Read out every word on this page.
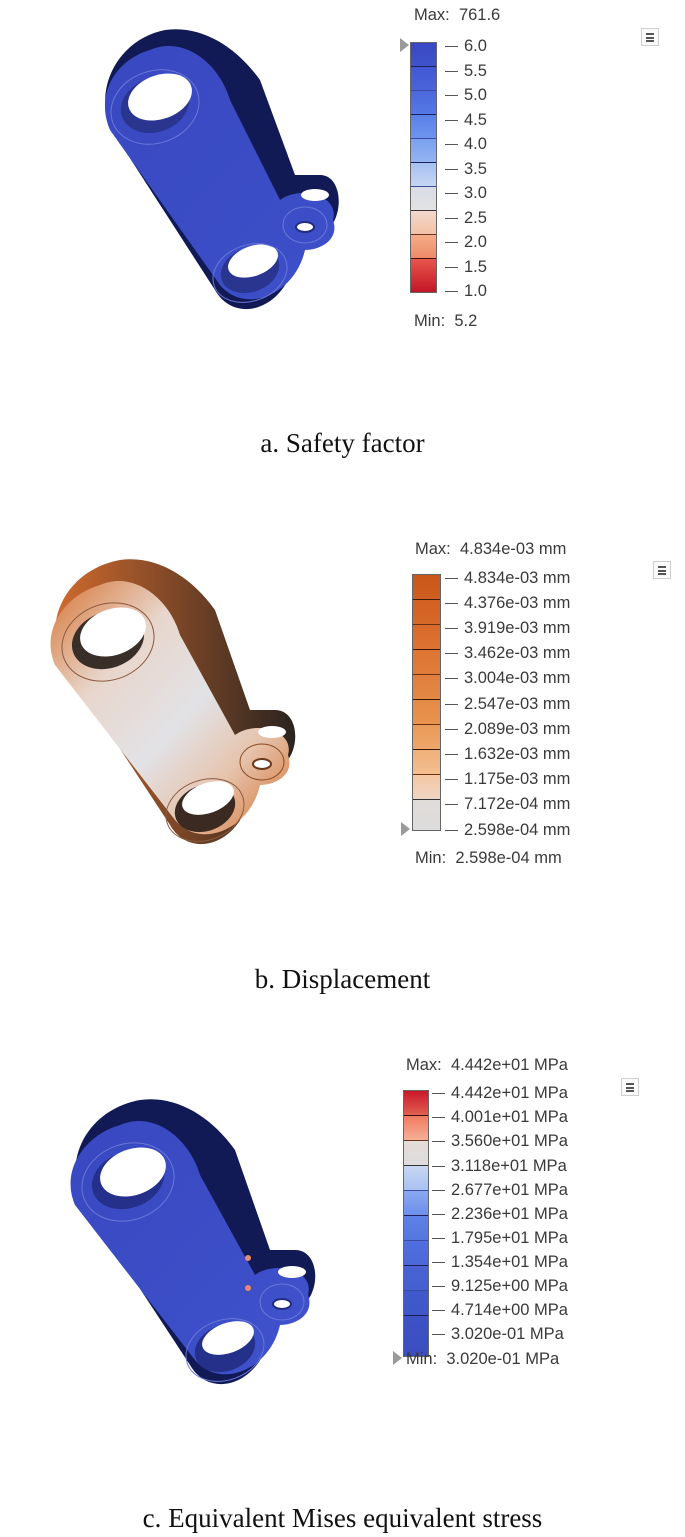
Max: 761.6
6.0
5.5
5.0
4.5
4.0
3.5
3.0
2.5
2.0
1.5
1.0
Min: 5.2
a. Safety factor
Max: 4.834e-03 mm
4.834e-03 mm
4.376e-03 mm
3.919e-03 mm
3.462e-03 mm
3.004e-03 mm
2.547e-03 mm
2.089e-03 mm
1.632e-03 mm
1.175e-03 mm
7.172e-04 mm
2.598e-04 mm
Min: 2.598e-04 mm
b. Displacement
Max: 4.442e+01 MPa
4.442e+01 MPa
4.001e+01 MPa
3.560e+01 MPa
3.118e+01 MPa
2.677e+01 MPa
2.236e+01 MPa
1.795e+01 MPa
1.354e+01 MPa
9.125e+00 MPa
4.714e+00 MPa
3.020e-01 MPa
Min: 3.020e-01 MPa
c. Equivalent Mises equivalent stress
